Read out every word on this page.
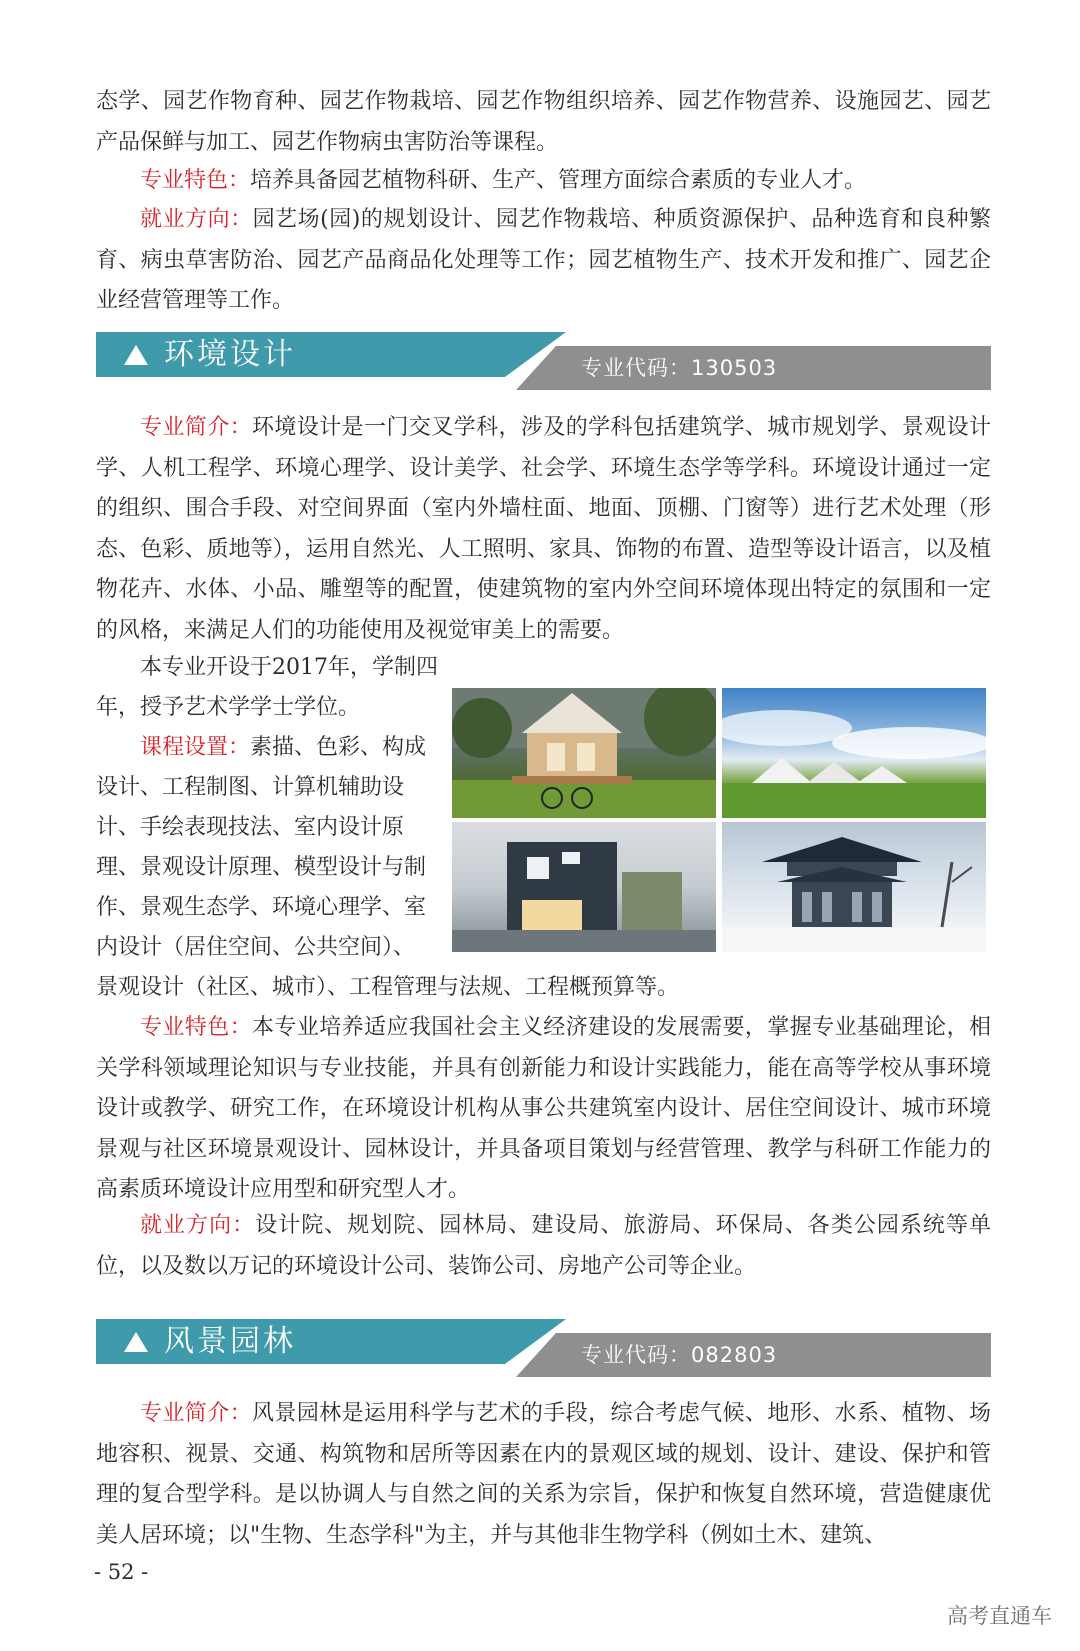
态学、园艺作物育种、园艺作物栽培、园艺作物组织培养、园艺作物营养、设施园艺、园艺产品保鲜与加工、园艺作物病虫害防治等课程。

专业特色：培养具备园艺植物科研、生产、管理方面综合素质的专业人才。

就业方向：园艺场(园)的规划设计、园艺作物栽培、种质资源保护、品种选育和良种繁育、病虫草害防治、园艺产品商品化处理等工作；园艺植物生产、技术开发和推广、园艺企业经营管理等工作。

环境设计	专业代码：130503

专业简介：环境设计是一门交叉学科，涉及的学科包括建筑学、城市规划学、景观设计学、人机工程学、环境心理学、设计美学、社会学、环境生态学等学科。环境设计通过一定的组织、围合手段、对空间界面（室内外墙柱面、地面、顶棚、门窗等）进行艺术处理（形态、色彩、质地等），运用自然光、人工照明、家具、饰物的布置、造型等设计语言，以及植物花卉、水体、小品、雕塑等的配置，使建筑物的室内外空间环境体现出特定的氛围和一定的风格，来满足人们的功能使用及视觉审美上的需要。

本专业开设于2017年，学制四
年，授予艺术学学士学位。
课程设置：素描、色彩、构成
设计、工程制图、计算机辅助设
计、手绘表现技法、室内设计原
理、景观设计原理、模型设计与制
作、景观生态学、环境心理学、室
内设计（居住空间、公共空间）、
景观设计（社区、城市）、工程管理与法规、工程概预算等。

专业特色：本专业培养适应我国社会主义经济建设的发展需要，掌握专业基础理论，相关学科领域理论知识与专业技能，并具有创新能力和设计实践能力，能在高等学校从事环境设计或教学、研究工作，在环境设计机构从事公共建筑室内设计、居住空间设计、城市环境景观与社区环境景观设计、园林设计，并具备项目策划与经营管理、教学与科研工作能力的高素质环境设计应用型和研究型人才。

就业方向：设计院、规划院、园林局、建设局、旅游局、环保局、各类公园系统等单位，以及数以万记的环境设计公司、装饰公司、房地产公司等企业。

风景园林	专业代码：082803

专业简介：风景园林是运用科学与艺术的手段，综合考虑气候、地形、水系、植物、场地容积、视景、交通、构筑物和居所等因素在内的景观区域的规划、设计、建设、保护和管理的复合型学科。是以协调人与自然之间的关系为宗旨，保护和恢复自然环境，营造健康优美人居环境；以"生物、生态学科"为主，并与其他非生物学科（例如土木、建筑、

- 52 -
高考直通车
